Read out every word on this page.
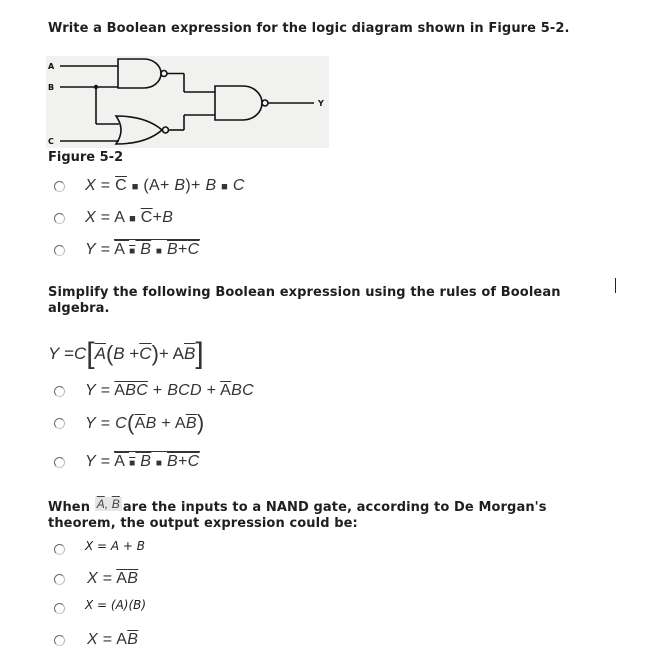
Write a Boolean expression for the logic diagram shown in Figure 5-2.
A
B
C
Y
Figure 5-2
$X = \overline{C}$ ■ (A+ B)+ B ■ C
X = A ■ $\overline{C}+B$
Y = A ■ B ■ B+C
Simplify the following Boolean expression using the rules of Boolean
algebra.
$Y =C[\overline{A}(B +\overline{C})+ A\overline{B}]$
$Y = \overline{A}\overline{BC}$ + BCD + $\overline{A}BC$
$Y = C(\overline{A}B + A\overline{B})$
Y = A ■ B ■ B+C
When $\overline{A}$, $\overline{B}$ are the inputs to a NAND gate, according to De Morgan's
theorem, the output expression could be:
X = A + B
X = AB
X = (A)(B)
$X = A\overline{B}$
